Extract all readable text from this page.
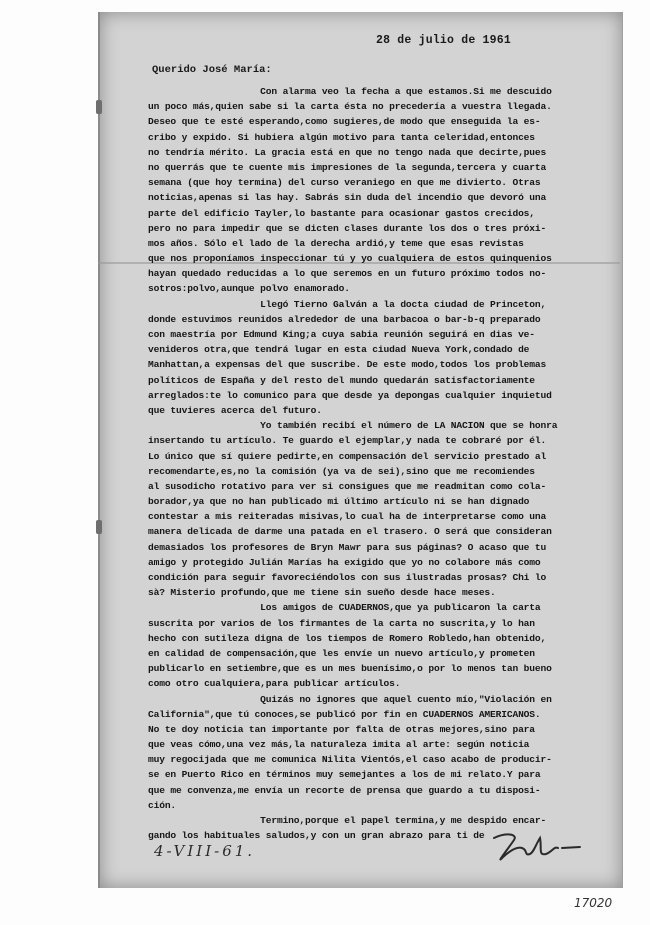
28 de julio de 1961
Querido José María:
Con alarma veo la fecha a que estamos.Si me descuido
un poco más,quien sabe si la carta ésta no precedería a vuestra llegada.
Deseo que te esté esperando,como sugieres,de modo que enseguida la es-
cribo y expido. Si hubiera algún motivo para tanta celeridad,entonces
no tendría mérito. La gracia está en que no tengo nada que decirte,pues
no querrás que te cuente mis impresiones de la segunda,tercera y cuarta
semana (que hoy termina) del curso veraniego en que me divierto. Otras
noticias,apenas si las hay. Sabrás sin duda del incendio que devoró una
parte del edificio Tayler,lo bastante para ocasionar gastos crecidos,
pero no para impedir que se dicten clases durante los dos o tres próxi-
mos años. Sólo el lado de la derecha ardió,y teme que esas revistas
que nos proponíamos inspeccionar tú y yo cualquiera de estos quinquenios
hayan quedado reducidas a lo que seremos en un futuro próximo todos no-
sotros:polvo,aunque polvo enamorado.
Llegó Tierno Galván a la docta ciudad de Princeton,
donde estuvimos reunidos alrededor de una barbacoa o bar-b-q preparado
con maestría por Edmund King;a cuya sabia reunión seguirá en dias ve-
venideros otra,que tendrá lugar en esta ciudad Nueva York,condado de
Manhattan,a expensas del que suscribe. De este modo,todos los problemas
políticos de España y del resto del mundo quedarán satisfactoriamente
arreglados:te lo comunico para que desde ya depongas cualquier inquietud
que tuvieres acerca del futuro.
Yo también recibí el número de LA NACION que se honra
insertando tu artículo. Te guardo el ejemplar,y nada te cobraré por él.
Lo único que sí quiere pedirte,en compensación del servicio prestado al
recomendarte,es,no la comisión (ya va de sei),sino que me recomiendes
al susodicho rotativo para ver si consigues que me readmitan como cola-
borador,ya que no han publicado mi último artículo ni se han dignado
contestar a mis reiteradas misivas,lo cual ha de interpretarse como una
manera delicada de darme una patada en el trasero. O será que consideran
demasiados los profesores de Bryn Mawr para sus páginas? O acaso que tu
amigo y protegido Julián Marías ha exigido que yo no colabore más como
condición para seguir favoreciéndolos con sus ilustradas prosas? Chi lo
sà? Misterio profundo,que me tiene sin sueño desde hace meses.
Los amigos de CUADERNOS,que ya publicaron la carta
suscrita por varios de los firmantes de la carta no suscrita,y lo han
hecho con sutileza digna de los tiempos de Romero Robledo,han obtenido,
en calidad de compensación,que les envíe un nuevo artículo,y prometen
publicarlo en setiembre,que es un mes buenísimo,o por lo menos tan bueno
como otro cualquiera,para publicar artículos.
Quizás no ignores que aquel cuento mío,"Violación en
California",que tú conoces,se publicó por fin en CUADERNOS AMERICANOS.
No te doy noticia tan importante por falta de otras mejores,sino para
que veas cómo,una vez más,la naturaleza imita al arte: según noticia
muy regocijada que me comunica Nilita Vientós,el caso acabo de producir-
se en Puerto Rico en términos muy semejantes a los de mi relato.Y para
que me convenza,me envía un recorte de prensa que guardo a tu disposi-
ción.
Termino,porque el papel termina,y me despido encar-
gando los habituales saludos,y con un gran abrazo para ti de
4-VIII-61.
17020
